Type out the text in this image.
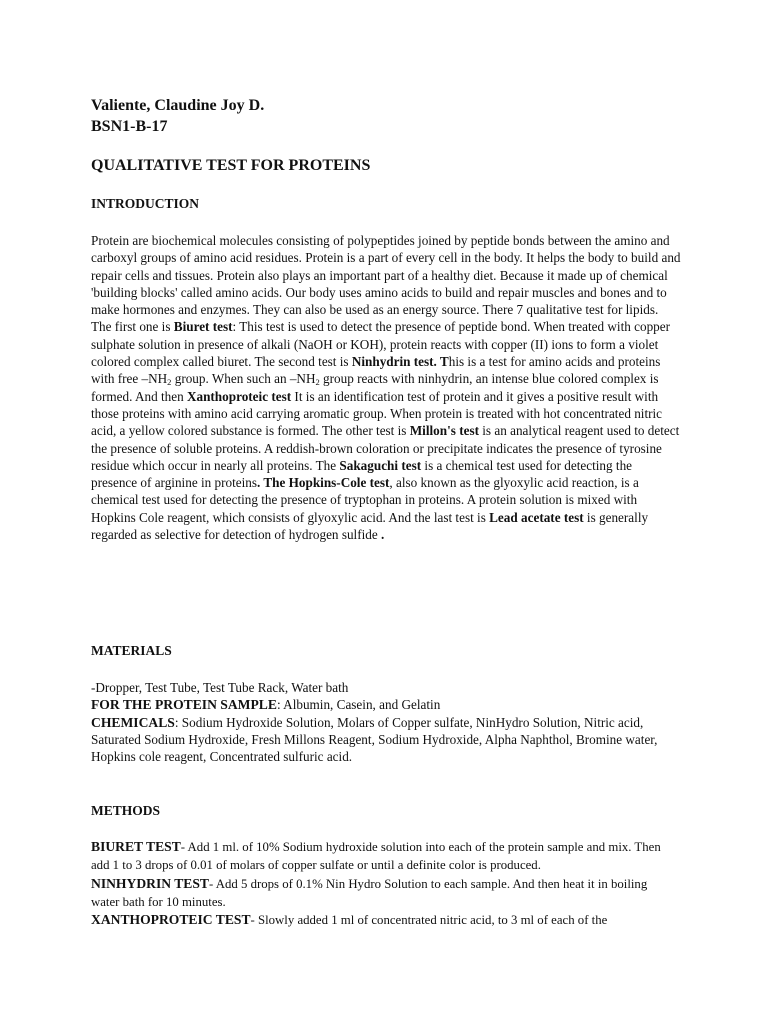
Valiente, Claudine Joy D.
BSN1-B-17
QUALITATIVE TEST FOR PROTEINS
INTRODUCTION

Protein are biochemical molecules consisting of polypeptides joined by peptide bonds between the amino and carboxyl groups of amino acid residues. Protein is a part of every cell in the body. It helps the body to build and repair cells and tissues. Protein also plays an important part of a healthy diet. Because it made up of chemical 'building blocks' called amino acids. Our body uses amino acids to build and repair muscles and bones and to make hormones and enzymes. They can also be used as an energy source. There 7 qualitative test for lipids. The first one is Biuret test: This test is used to detect the presence of peptide bond. When treated with copper sulphate solution in presence of alkali (NaOH or KOH), protein reacts with copper (II) ions to form a violet colored complex called biuret. The second test is Ninhydrin test. This is a test for amino acids and proteins with free $-NH_2$ group. When such an $-NH_2$ group reacts with ninhydrin, an intense blue colored complex is formed. And then Xanthoproteic test It is an identification test of protein and it gives a positive result with those proteins with amino acid carrying aromatic group. When protein is treated with hot concentrated nitric acid, a yellow colored substance is formed. The other test is Millon's test is an analytical reagent used to detect the presence of soluble proteins. A reddish-brown coloration or precipitate indicates the presence of tyrosine residue which occur in nearly all proteins. The Sakaguchi test is a chemical test used for detecting the presence of arginine in proteins. The Hopkins-Cole test, also known as the glyoxylic acid reaction, is a chemical test used for detecting the presence of tryptophan in proteins. A protein solution is mixed with Hopkins Cole reagent, which consists of glyoxylic acid. And the last test is Lead acetate test is generally regarded as selective for detection of hydrogen sulfide .

MATERIALS

-Dropper, Test Tube, Test Tube Rack, Water bath

FOR THE PROTEIN SAMPLE: Albumin, Casein, and Gelatin

CHEMICALS: Sodium Hydroxide Solution, Molars of Copper sulfate, NinHydro Solution, Nitric acid, Saturated Sodium Hydroxide, Fresh Millons Reagent, Sodium Hydroxide, Alpha Naphthol, Bromine water, Hopkins cole reagent, Concentrated sulfuric acid.

METHODS

BIURET TEST- Add 1 ml. of 10% Sodium hydroxide solution into each of the protein sample and mix. Then add 1 to 3 drops of 0.01 of molars of copper sulfate or until a definite color is produced.

NINHYDRIN TEST- Add 5 drops of 0.1% Nin Hydro Solution to each sample. And then heat it in boiling water bath for 10 minutes.

XANTHOPROTEIC TEST- Slowly added 1 ml of concentrated nitric acid, to 3 ml of each of the
